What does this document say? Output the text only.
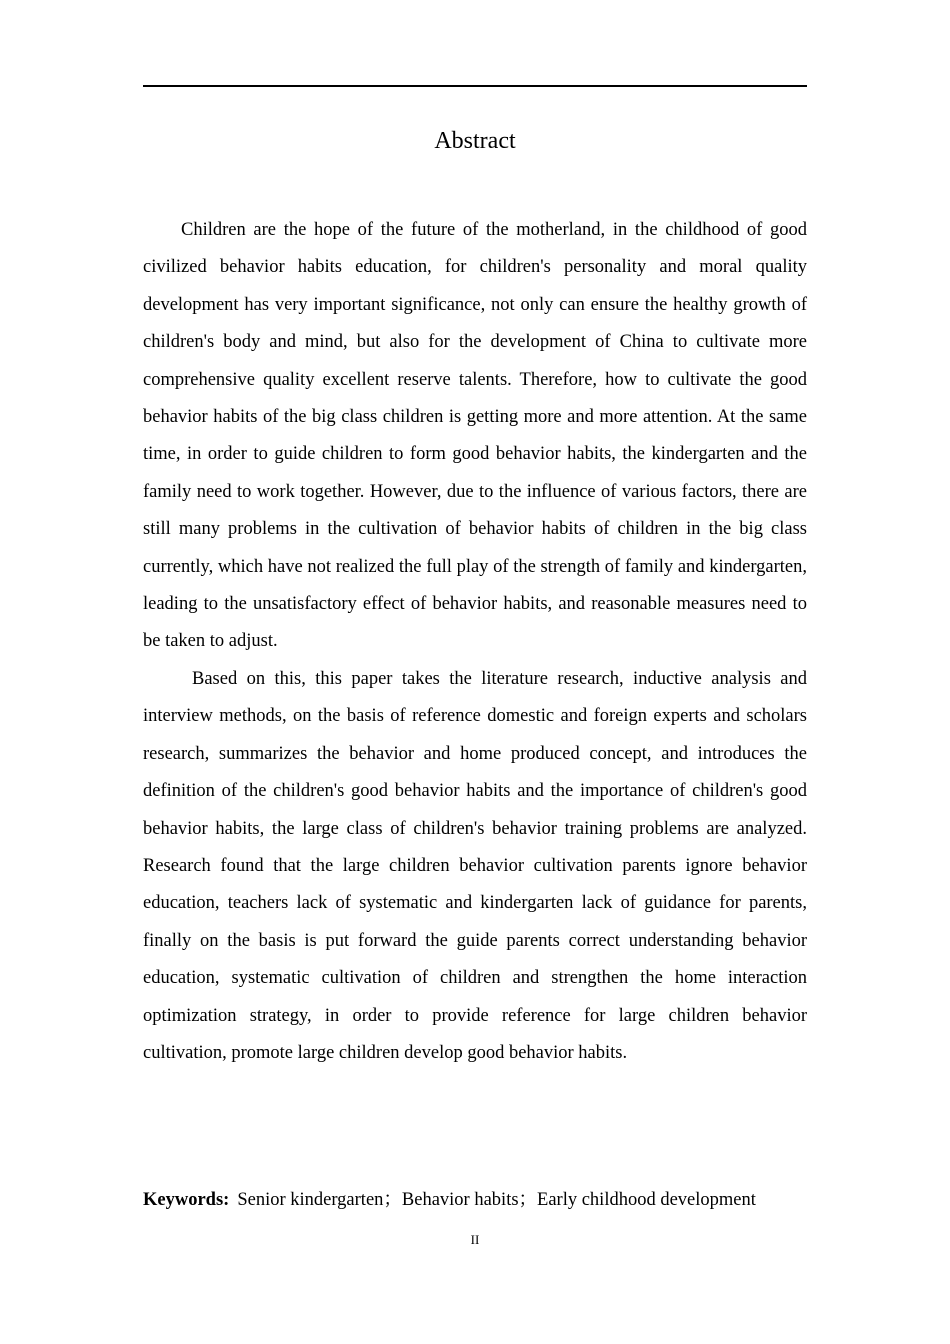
Abstract

Children are the hope of the future of the motherland, in the childhood of good civilized behavior habits education, for children's personality and moral quality development has very important significance, not only can ensure the healthy growth of children's body and mind, but also for the development of China to cultivate more comprehensive quality excellent reserve talents. Therefore, how to cultivate the good behavior habits of the big class children is getting more and more attention. At the same time, in order to guide children to form good behavior habits, the kindergarten and the family need to work together. However, due to the influence of various factors, there are still many problems in the cultivation of behavior habits of children in the big class currently, which have not realized the full play of the strength of family and kindergarten, leading to the unsatisfactory effect of behavior habits, and reasonable measures need to be taken to adjust.

Based on this, this paper takes the literature research, inductive analysis and interview methods, on the basis of reference domestic and foreign experts and scholars research, summarizes the behavior and home produced concept, and introduces the definition of the children's good behavior habits and the importance of children's good behavior habits, the large class of children's behavior training problems are analyzed. Research found that the large children behavior cultivation parents ignore behavior education, teachers lack of systematic and kindergarten lack of guidance for parents, finally on the basis is put forward the guide parents correct understanding behavior education, systematic cultivation of children and strengthen the home interaction optimization strategy, in order to provide reference for large children behavior cultivation, promote large children develop good behavior habits.

Keywords: Senior kindergarten；Behavior habits；Early childhood development
II
